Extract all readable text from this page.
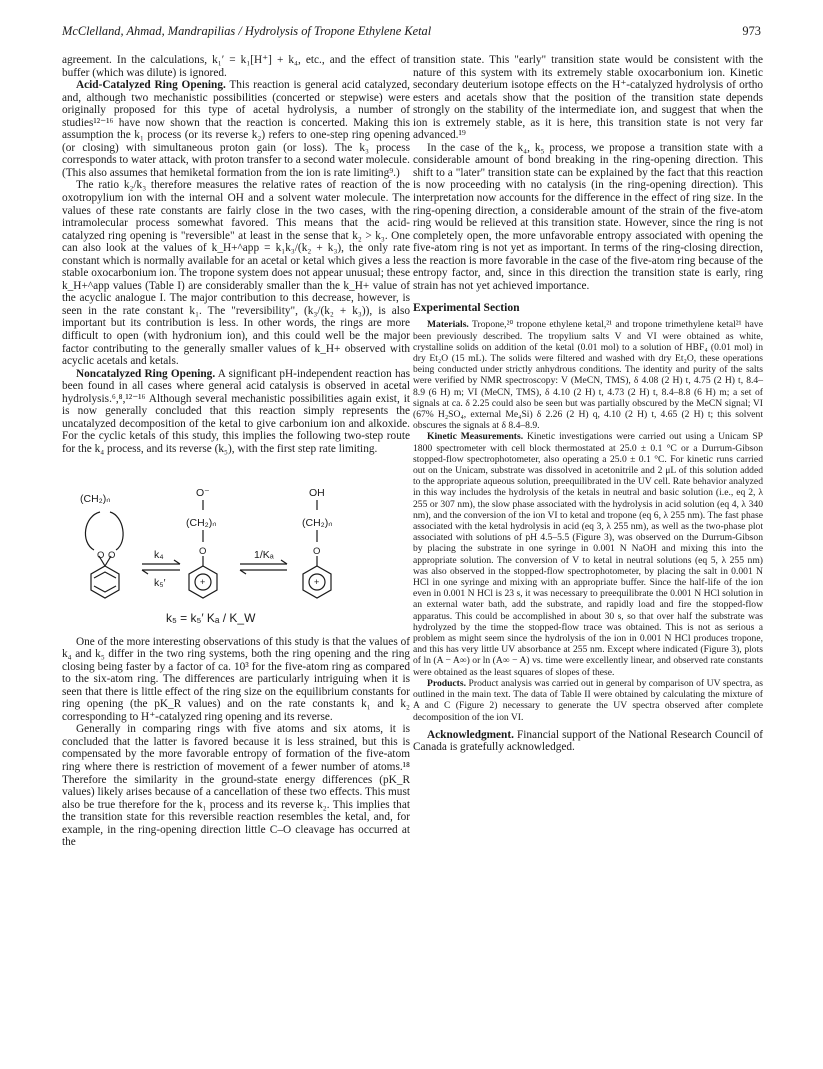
McClelland, Ahmad, Mandrapilias / Hydrolysis of Tropone Ethylene Ketal	973

agreement. In the calculations, k₁′ = k₁[H⁺] + k₄, etc., and the effect of buffer (which was dilute) is ignored.

Acid-Catalyzed Ring Opening. This reaction is general acid catalyzed, and, although two mechanistic possibilities (concerted or stepwise) were originally proposed for this type of acetal hydrolysis, a number of studies¹²⁻¹⁶ have now shown that the reaction is concerted. Making this assumption the k₁ process (or its reverse k₂) refers to one-step ring opening (or closing) with simultaneous proton gain (or loss). The k₃ process corresponds to water attack, with proton transfer to a second water molecule. (This also assumes that hemiketal formation from the ion is rate limiting⁹.)

The ratio k₂/k₃ therefore measures the relative rates of reaction of the oxotropylium ion with the internal OH and a solvent water molecule. The values of these rate constants are fairly close in the two cases, with the intramolecular process somewhat favored. This means that the acid-catalyzed ring opening is "reversible" at least in the sense that k₂ > k₃. One can also look at the values of k_H+^app = k₁k₃/(k₂ + k₃), the only rate constant which is normally available for an acetal or ketal which gives a less stable oxocarbonium ion. The tropone system does not appear unusual; these k_H+^app values (Table I) are considerably smaller than the k_H+ value of the acyclic analogue I. The major contribution to this decrease, however, is seen in the rate constant k₁. The "reversibility", (k₃/(k₂ + k₃)), is also important but its contribution is less. In other words, the rings are more difficult to open (with hydronium ion), and this could well be the major factor contributing to the generally smaller values of k_H+ observed with acyclic acetals and ketals.

Noncatalyzed Ring Opening. A significant pH-independent reaction has been found in all cases where general acid catalysis is observed in acetal hydrolysis.⁶,⁸,¹²⁻¹⁶ Although several mechanistic possibilities again exist, it is now generally concluded that this reaction simply represents the uncatalyzed decomposition of the ketal to give carbonium ion and alkoxide. For the cyclic ketals of this study, this implies the following two-step route for the k₄ process, and its reverse (k₅), with the first step rate limiting.

(CH₂)ₙ
O O
O⁻
(CH₂)ₙ
O
+
OH
(CH₂)ₙ
O
+
k₄
k₅′
1/Kₐ
k₅ = k₅′ Kₐ / K_W

One of the more interesting observations of this study is that the values of k₄ and k₅ differ in the two ring systems, both the ring opening and the ring closing being faster by a factor of ca. 10³ for the five-atom ring as compared to the six-atom ring. The differences are particularly intriguing when it is seen that there is little effect of the ring size on the equilibrium constants for ring opening (the pK_R values) and on the rate constants k₁ and k₂ corresponding to H⁺-catalyzed ring opening and its reverse.

Generally in comparing rings with five atoms and six atoms, it is concluded that the latter is favored because it is less strained, but this is compensated by the more favorable entropy of formation of the five-atom ring where there is restriction of movement of a fewer number of atoms.¹⁸ Therefore the similarity in the ground-state energy differences (pK_R values) likely arises because of a cancellation of these two effects. This must also be true therefore for the k₁ process and its reverse k₂. This implies that the transition state for this reversible reaction resembles the ketal, and, for example, in the ring-opening direction little C–O cleavage has occurred at the

transition state. This "early" transition state would be consistent with the nature of this system with its extremely stable oxocarbonium ion. Kinetic secondary deuterium isotope effects on the H⁺-catalyzed hydrolysis of ortho esters and acetals show that the position of the transition state depends strongly on the stability of the intermediate ion, and suggest that when the ion is extremely stable, as it is here, this transition state is not very far advanced.¹⁹

In the case of the k₄, k₅ process, we propose a transition state with a considerable amount of bond breaking in the ring-opening direction. This shift to a "later" transition state can be explained by the fact that this reaction is now proceeding with no catalysis (in the ring-opening direction). This interpretation now accounts for the difference in the effect of ring size. In the ring-opening direction, a considerable amount of the strain of the five-atom ring would be relieved at this transition state. However, since the ring is not completely open, the more unfavorable entropy associated with opening the five-atom ring is not yet as important. In terms of the ring-closing direction, the reaction is more favorable in the case of the five-atom ring because of the entropy factor, and, since in this direction the transition state is early, ring strain has not yet achieved importance.

Experimental Section

Materials. Tropone,²⁰ tropone ethylene ketal,²¹ and tropone trimethylene ketal²¹ have been previously described. The tropylium salts V and VI were obtained as white, crystalline solids on addition of the ketal (0.01 mol) to a solution of HBF₄ (0.01 mol) in dry Et₂O (15 mL). The solids were filtered and washed with dry Et₂O, these operations being conducted under strictly anhydrous conditions. The identity and purity of the salts were verified by NMR spectroscopy: V (MeCN, TMS), δ 4.08 (2 H) t, 4.75 (2 H) t, 8.4–8.9 (6 H) m; VI (MeCN, TMS), δ 4.10 (2 H) t, 4.73 (2 H) t, 8.4–8.8 (6 H) m; a set of signals at ca. δ 2.25 could also be seen but was partially obscured by the MeCN signal; VI (67% H₂SO₄, external Me₄Si) δ 2.26 (2 H) q, 4.10 (2 H) t, 4.65 (2 H) t; this solvent obscures the signals at δ 8.4–8.9.

Kinetic Measurements. Kinetic investigations were carried out using a Unicam SP 1800 spectrometer with cell block thermostated at 25.0 ± 0.1 °C or a Durrum-Gibson stopped-flow spectrophotometer, also operating a 25.0 ± 0.1 °C. For kinetic runs carried out on the Unicam, substrate was dissolved in acetonitrile and 2 μL of this solution added to the appropriate aqueous solution, preequilibrated in the UV cell. Rate behavior analyzed in this way includes the hydrolysis of the ketals in neutral and basic solution (i.e., eq 2, λ 255 or 307 nm), the slow phase associated with the hydrolysis in acid solution (eq 4, λ 340 nm), and the conversion of the ion VI to ketal and tropone (eq 6, λ 255 nm). The fast phase associated with the ketal hydrolysis in acid (eq 3, λ 255 nm), as well as the two-phase plot associated with solutions of pH 4.5–5.5 (Figure 3), was observed on the Durrum-Gibson by placing the substrate in one syringe in 0.001 N NaOH and mixing this into the appropriate solution. The conversion of V to ketal in neutral solutions (eq 5, λ 255 nm) was also observed in the stopped-flow spectrophotometer, by placing the salt in 0.001 N HCl in one syringe and mixing with an appropriate buffer. Since the half-life of the ion even in 0.001 N HCl is 23 s, it was necessary to preequilibrate the 0.001 N HCl solution in an external water bath, add the substrate, and rapidly load and fire the stopped-flow apparatus. This could be accomplished in about 30 s, so that over half the substrate was hydrolyzed by the time the stopped-flow trace was obtained. This is not as serious a problem as might seem since the hydrolysis of the ion in 0.001 N HCl produces tropone, and this has very little UV absorbance at 255 nm. Except where indicated (Figure 3), plots of ln (A − A∞) or ln (A∞ − A) vs. time were excellently linear, and observed rate constants were obtained as the least squares of slopes of these.

Products. Product analysis was carried out in general by comparison of UV spectra, as outlined in the main text. The data of Table II were obtained by calculating the mixture of A and C (Figure 2) necessary to generate the UV spectra observed after complete decomposition of the ion VI.

Acknowledgment. Financial support of the National Research Council of Canada is gratefully acknowledged.
